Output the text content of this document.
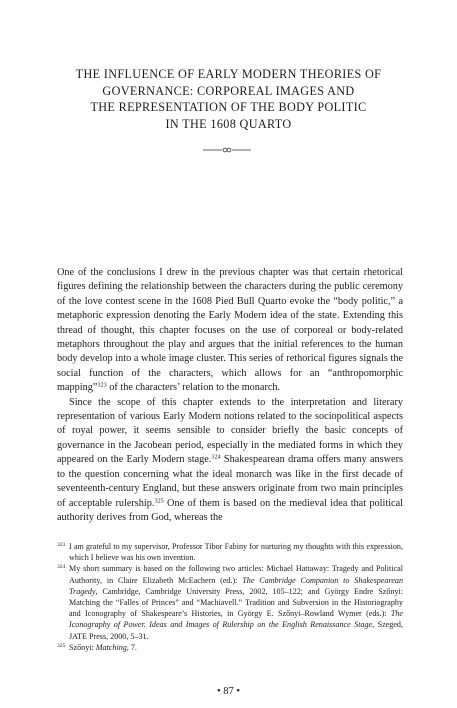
THE INFLUENCE OF EARLY MODERN THEORIES OF
GOVERNANCE: CORPOREAL IMAGES AND
THE REPRESENTATION OF THE BODY POLITIC
IN THE 1608 QUARTO

One of the conclusions I drew in the previous chapter was that certain rhetorical figures defining the relationship between the characters during the public ceremony of the love contest scene in the 1608 Pied Bull Quarto evoke the “body politic,” a metaphoric expression denoting the Early Modern idea of the state. Extending this thread of thought, this chapter focuses on the use of corporeal or body-related metaphors throughout the play and argues that the initial references to the human body develop into a whole image cluster. This series of rethorical figures signals the social function of the characters, which allows for an “anthropomorphic mapping”$^{323}$ of the characters’ relation to the monarch.

Since the scope of this chapter extends to the interpretation and literary representation of various Early Modern notions related to the sociopolitical aspects of royal power, it seems sensible to consider briefly the basic concepts of governance in the Jacobean period, especially in the mediated forms in which they appeared on the Early Modern stage.$^{324}$ Shakespearean drama offers many answers to the question concerning what the ideal monarch was like in the first decade of seventeenth-century England, but these answers originate from two main principles of acceptable rulership.$^{325}$ One of them is based on the medieval idea that political authority derives from God, whereas the

323 I am grateful to my supervisor, Professor Tibor Fabiny for nurturing my thoughts with this expression, which I believe was his own invention.

324 My short summary is based on the following two articles: Michael Hattaway: Tragedy and Political Authority, in Claire Elizabeth McEachern (ed.): The Cambridge Companion to Shakespearean Tragedy, Cambridge, Cambridge University Press, 2002, 105–122; and György Endre Szőnyi: Matching the “Falles of Princes” and “Machiavell.” Tradition and Subversion in the Historiography and Iconography of Shakespeare’s Histories, in György E. Szőnyi–Rowland Wymer (eds.): The Iconography of Power. Ideas and Images of Rulership on the English Renaissance Stage, Szeged, JATE Press, 2000, 5–31.

325 Szőnyi: Matching, 7.

• 87 •
